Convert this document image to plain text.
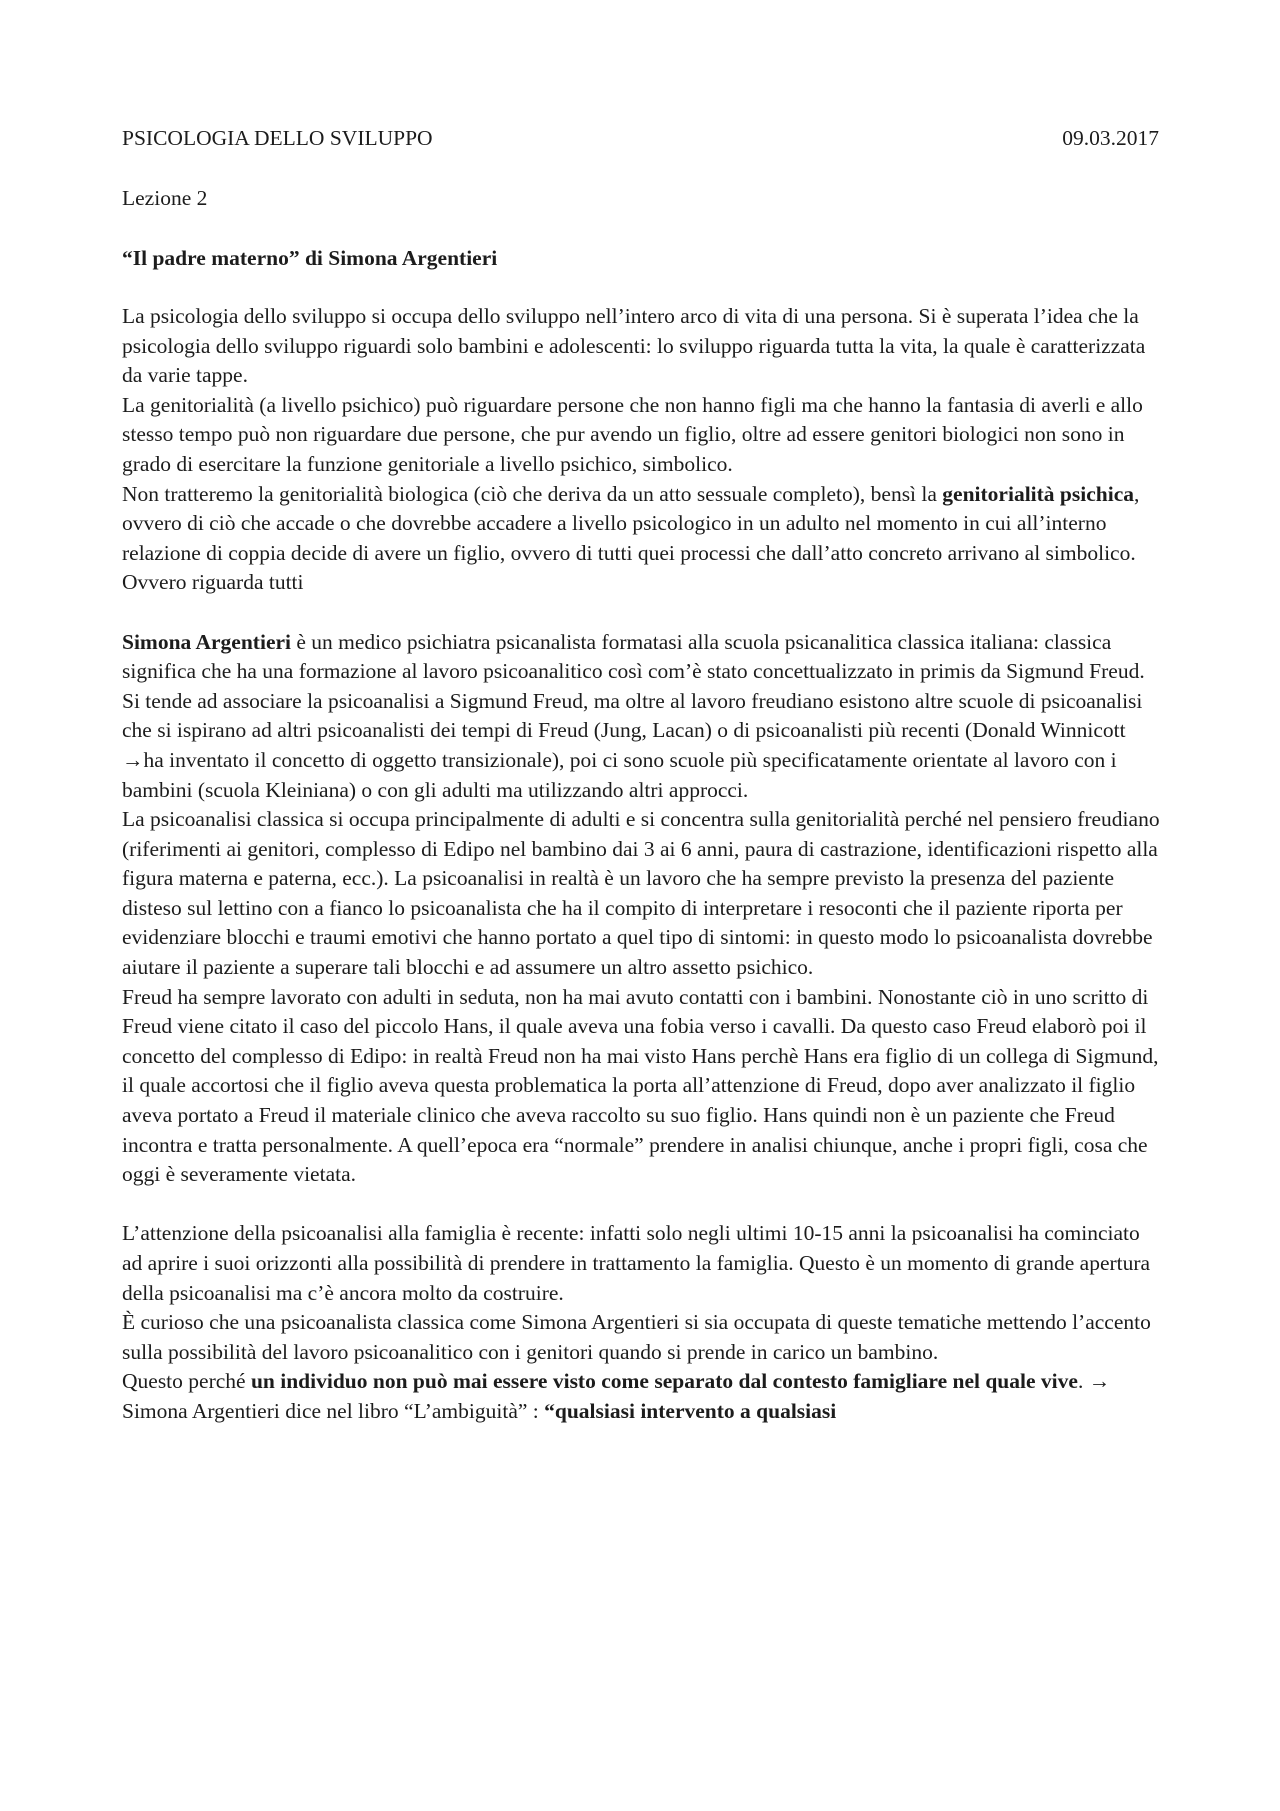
PSICOLOGIA DELLO SVILUPPO	09.03.2017
Lezione 2
“Il padre materno” di Simona Argentieri

La psicologia dello sviluppo si occupa dello sviluppo nell’intero arco di vita di una persona. Si è superata l’idea che la psicologia dello sviluppo riguardi solo bambini e adolescenti: lo sviluppo riguarda tutta la vita, la quale è caratterizzata da varie tappe.

La genitorialità (a livello psichico) può riguardare persone che non hanno figli ma che hanno la fantasia di averli e allo stesso tempo può non riguardare due persone, che pur avendo un figlio, oltre ad essere genitori biologici non sono in grado di esercitare la funzione genitoriale a livello psichico, simbolico.

Non tratteremo la genitorialità biologica (ciò che deriva da un atto sessuale completo), bensì la genitorialità psichica, ovvero di ciò che accade o che dovrebbe accadere a livello psicologico in un adulto nel momento in cui all’interno relazione di coppia decide di avere un figlio, ovvero di tutti quei processi che dall’atto concreto arrivano al simbolico. Ovvero riguarda tutti

Simona Argentieri è un medico psichiatra psicanalista formatasi alla scuola psicanalitica classica italiana: classica significa che ha una formazione al lavoro psicoanalitico così com’è stato concettualizzato in primis da Sigmund Freud.

Si tende ad associare la psicoanalisi a Sigmund Freud, ma oltre al lavoro freudiano esistono altre scuole di psicoanalisi che si ispirano ad altri psicoanalisti dei tempi di Freud (Jung, Lacan) o di psicoanalisti più recenti (Donald Winnicott →ha inventato il concetto di oggetto transizionale), poi ci sono scuole più specificatamente orientate al lavoro con i bambini (scuola Kleiniana) o con gli adulti ma utilizzando altri approcci.

La psicoanalisi classica si occupa principalmente di adulti e si concentra sulla genitorialità perché nel pensiero freudiano (riferimenti ai genitori, complesso di Edipo nel bambino dai 3 ai 6 anni, paura di castrazione, identificazioni rispetto alla figura materna e paterna, ecc.). La psicoanalisi in realtà è un lavoro che ha sempre previsto la presenza del paziente disteso sul lettino con a fianco lo psicoanalista che ha il compito di interpretare i resoconti che il paziente riporta per evidenziare blocchi e traumi emotivi che hanno portato a quel tipo di sintomi: in questo modo lo psicoanalista dovrebbe aiutare il paziente a superare tali blocchi e ad assumere un altro assetto psichico.

Freud ha sempre lavorato con adulti in seduta, non ha mai avuto contatti con i bambini. Nonostante ciò in uno scritto di Freud viene citato il caso del piccolo Hans, il quale aveva una fobia verso i cavalli. Da questo caso Freud elaborò poi il concetto del complesso di Edipo: in realtà Freud non ha mai visto Hans perchè Hans era figlio di un collega di Sigmund, il quale accortosi che il figlio aveva questa problematica la porta all’attenzione di Freud, dopo aver analizzato il figlio aveva portato a Freud il materiale clinico che aveva raccolto su suo figlio. Hans quindi non è un paziente che Freud incontra e tratta personalmente. A quell’epoca era “normale” prendere in analisi chiunque, anche i propri figli, cosa che oggi è severamente vietata.

L’attenzione della psicoanalisi alla famiglia è recente: infatti solo negli ultimi 10-15 anni la psicoanalisi ha cominciato ad aprire i suoi orizzonti alla possibilità di prendere in trattamento la famiglia. Questo è un momento di grande apertura della psicoanalisi ma c’è ancora molto da costruire.

È curioso che una psicoanalista classica come Simona Argentieri si sia occupata di queste tematiche mettendo l’accento sulla possibilità del lavoro psicoanalitico con i genitori quando si prende in carico un bambino.

Questo perché un individuo non può mai essere visto come separato dal contesto famigliare nel quale vive. → Simona Argentieri dice nel libro “L’ambiguità” : “qualsiasi intervento a qualsiasi
